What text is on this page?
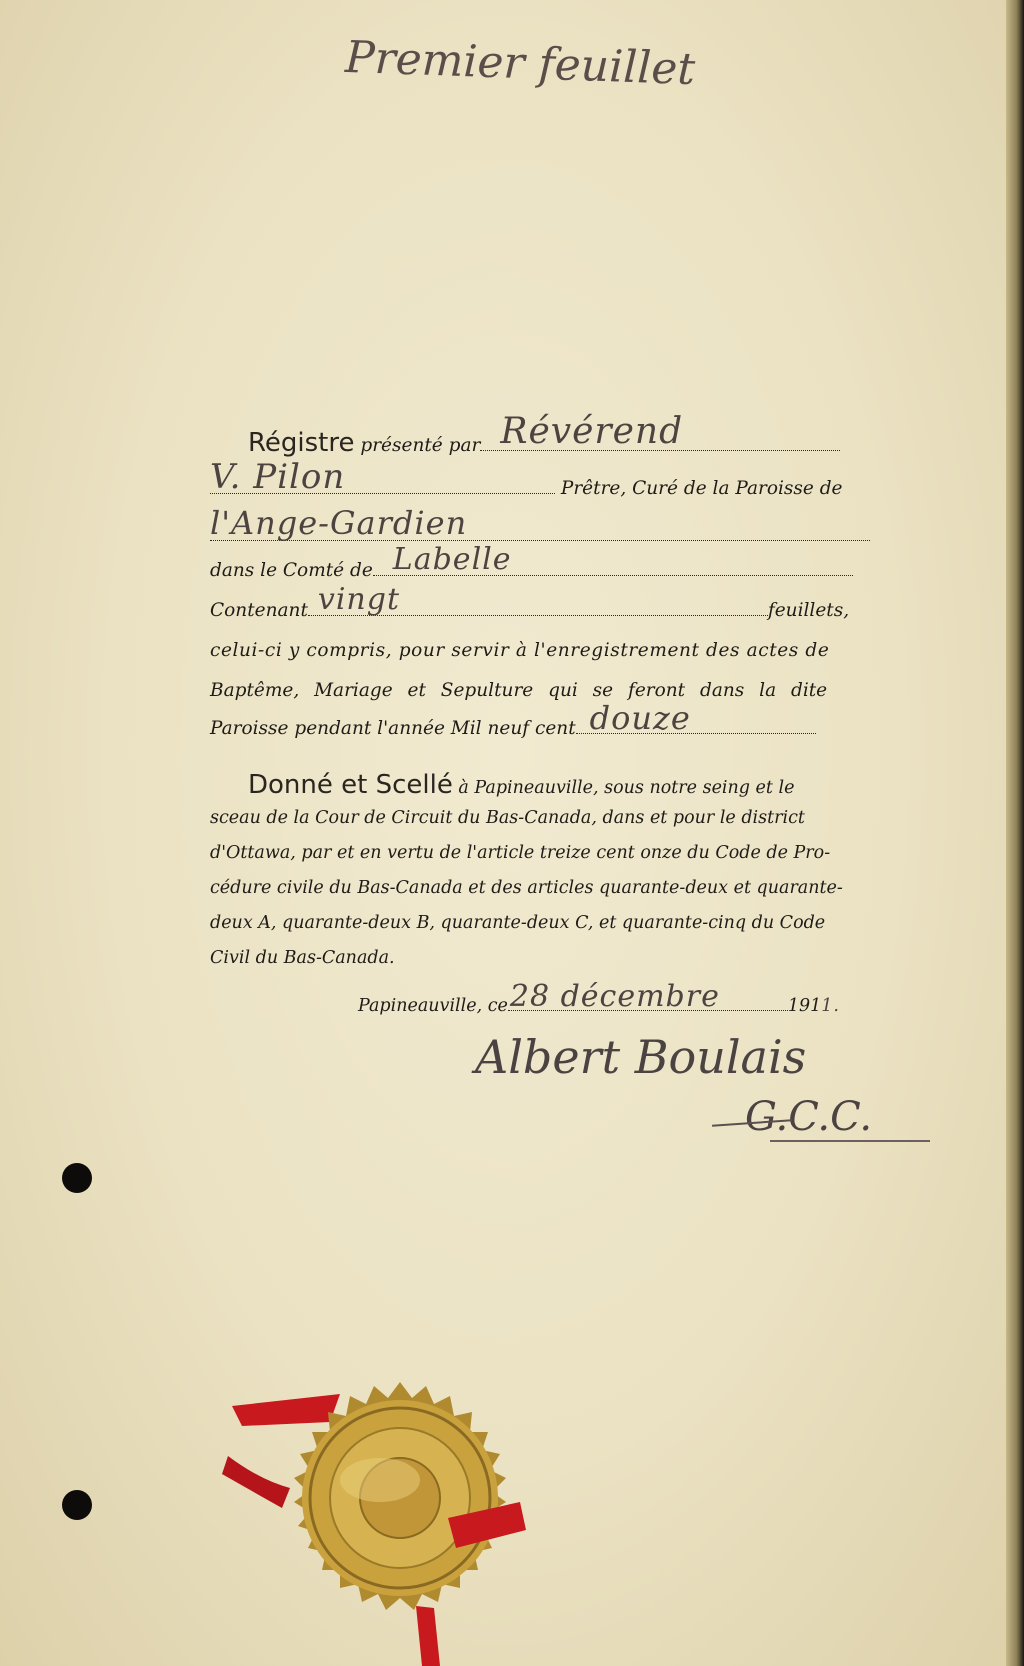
Premier feuillet
Régistre présenté par Révérend
V. Pilon	Prêtre, Curé de la Paroisse de
l'Ange-Gardien
dans le Comté de Labelle
Contenant vingt	feuillets,
celui-ci y compris, pour servir à l'enregistrement des actes de
Baptême, Mariage et Sepulture qui se feront dans la dite
Paroisse pendant l'année Mil neuf cent douze
Donné et Scellé à Papineauville, sous notre seing et le
sceau de la Cour de Circuit du Bas-Canada, dans et pour le district
d'Ottawa, par et en vertu de l'article treize cent onze du Code de Pro-
cédure civile du Bas-Canada et des articles quarante-deux et quarante-
deux A, quarante-deux B, quarante-deux C, et quarante-cinq du Code
Civil du Bas-Canada.
Papineauville, ce 28 décembre	1911.
Albert Boulais
G.C.C.
